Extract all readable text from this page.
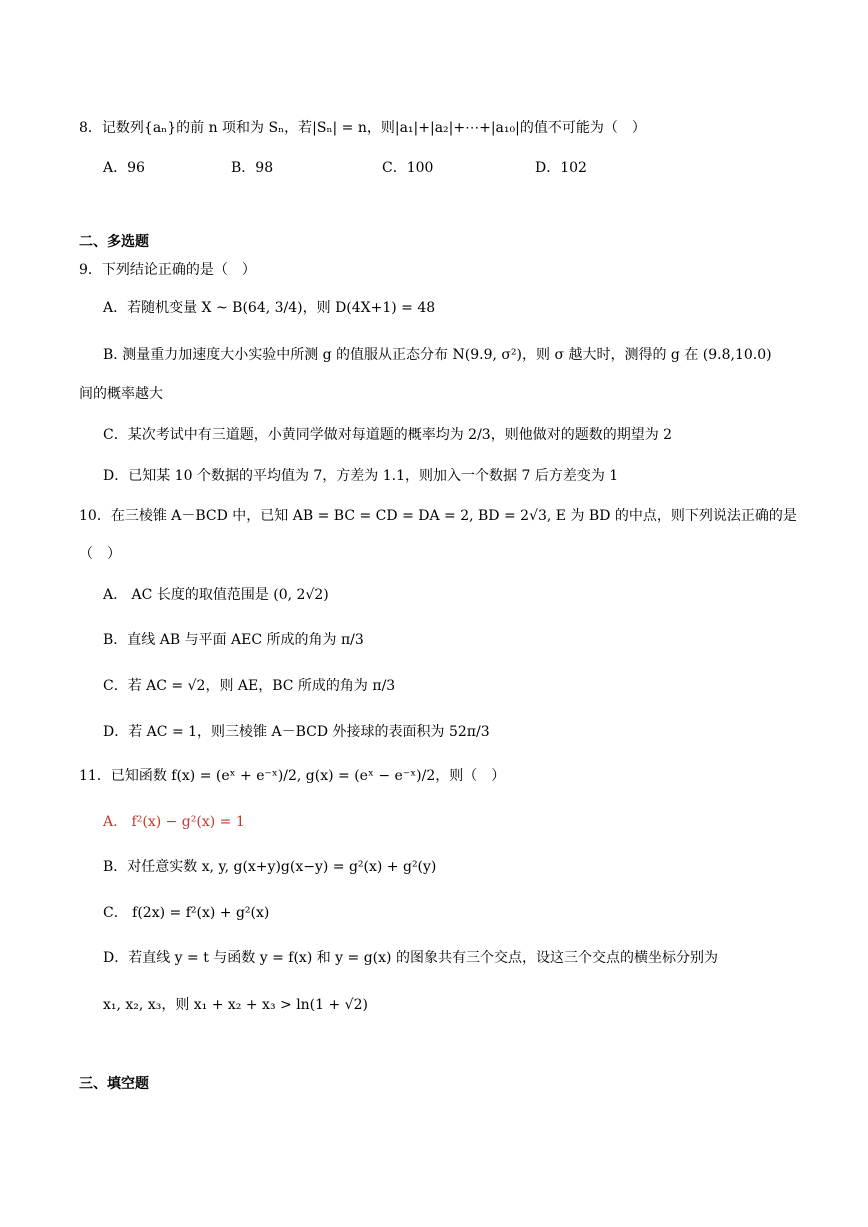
8．记数列{aₙ}的前 n 项和为 Sₙ，若|Sₙ| = n，则|a₁|+|a₂|+⋯+|a₁₀|的值不可能为（　）
A．96	B．98	C．100	D．102
二、多选题
9．下列结论正确的是（　）
A．若随机变量 X ~ B(64, 3/4)，则 D(4X+1) = 48
B. 测量重力加速度大小实验中所测 g 的值服从正态分布 N(9.9, σ²)，则 σ 越大时，测得的 g 在 (9.8,10.0)
间的概率越大
C．某次考试中有三道题，小黄同学做对每道题的概率均为 2/3，则他做对的题数的期望为 2
D．已知某 10 个数据的平均值为 7，方差为 1.1，则加入一个数据 7 后方差变为 1
10．在三棱锥 A－BCD 中，已知 AB = BC = CD = DA = 2, BD = 2√3, E 为 BD 的中点，则下列说法正确的是
（　）
A． AC 长度的取值范围是 (0, 2√2)
B．直线 AB 与平面 AEC 所成的角为 π/3
C．若 AC = √2，则 AE，BC 所成的角为 π/3
D．若 AC = 1，则三棱锥 A－BCD 外接球的表面积为 52π/3
11．已知函数 f(x) = (eˣ + e⁻ˣ)/2, g(x) = (eˣ − e⁻ˣ)/2，则（　）
A． f²(x) − g²(x) = 1
B．对任意实数 x, y, g(x+y)g(x−y) = g²(x) + g²(y)
C． f(2x) = f²(x) + g²(x)
D．若直线 y = t 与函数 y = f(x) 和 y = g(x) 的图象共有三个交点，设这三个交点的横坐标分别为
x₁, x₂, x₃，则 x₁ + x₂ + x₃ > ln(1 + √2)
三、填空题
